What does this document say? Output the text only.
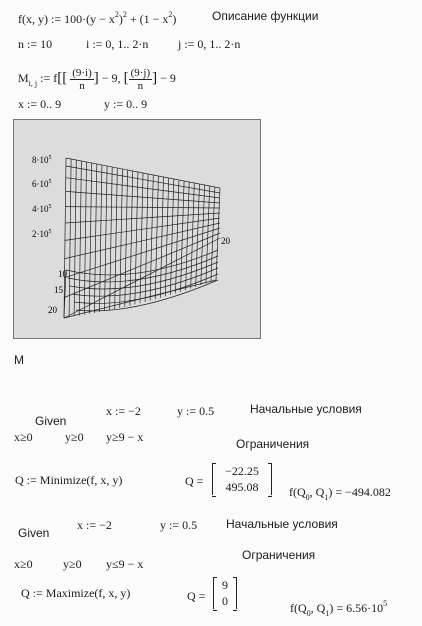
f(x, y) := $100\cdot(y - x^2)^2 + (1 - x^2)$	Описание функции
n := 10	i := 0, 1.. 2·n j := 0, 1.. 2·n
$M_{i, j}$ := $f[[ \frac{(9\cdot i)}{n}$ ] − 9, [ $\frac{(9\cdot j)}{n}$ ] − 9
x := 0.. 9	y := 0.. 9
$8\cdot 10^5$
$6\cdot 10^5$
$4\cdot 10^5$
$2\cdot 10^5$
20
10
15
20
M
x := −2	y := 0.5	Начальные условия
Given
x≥0	y≥0 y≥9 − x	Ограничения
Q := Minimize(f, x, y)	Q =
−22.25
495.08	$f(Q_0$, $Q_1) = -494.082$
Given
x := −2	y := 0.5 Начальные условия
Ограничения
x≥0	y≥0 y≤9 − x
Q := Maximize(f, x, y)	Q =
9
0	$f(Q_0$, $Q_1) = 6.56\cdot 10^5$
